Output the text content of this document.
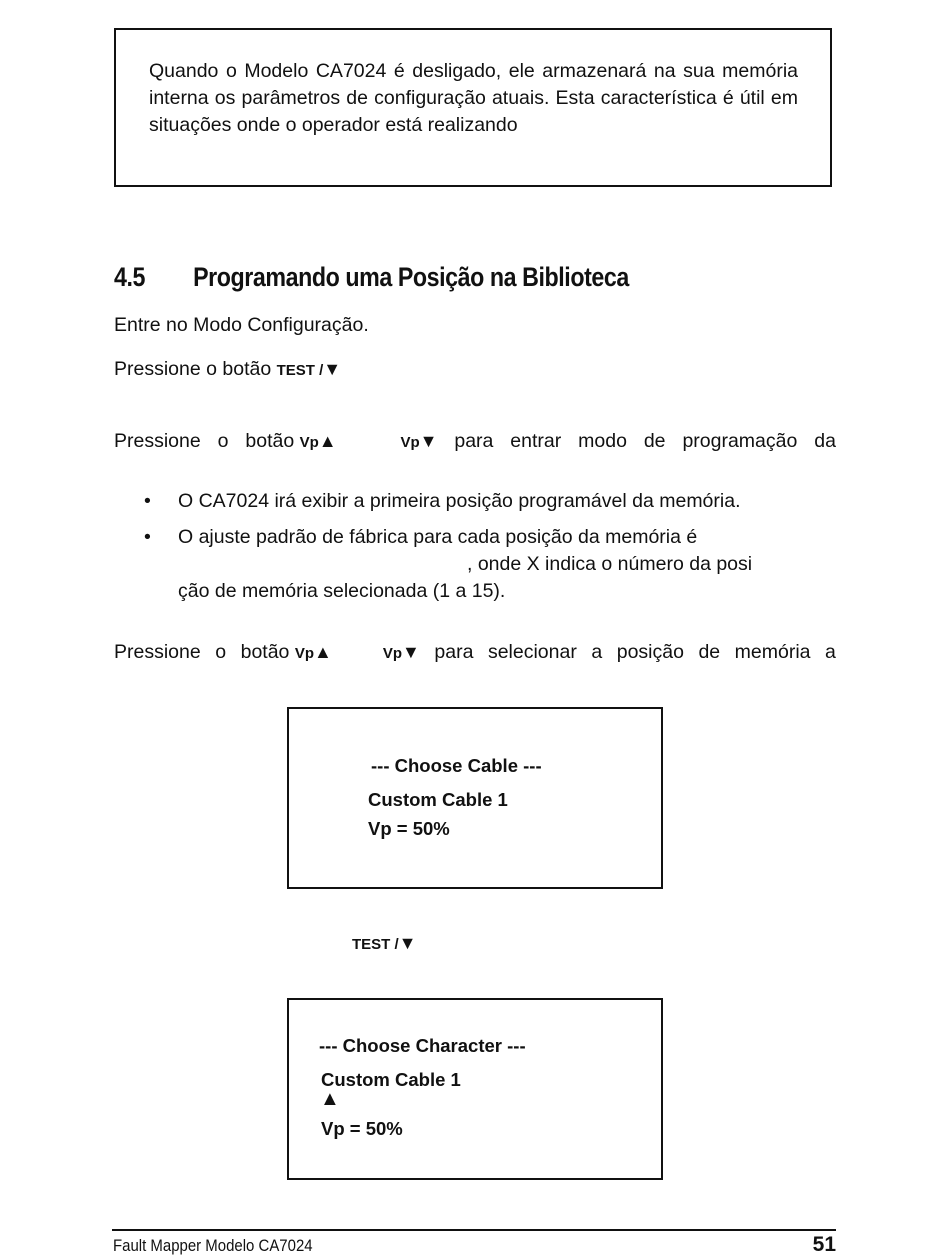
Quando o Modelo CA7024 é desligado, ele armazenará na sua memória interna os parâmetros de configuração atuais. Esta característica é útil em situações onde o operador está realizando
4.5 Programando uma Posição na Biblioteca
Entre no Modo Configuração.
Pressione o botão TEST /▼
Pressione o botão Vp▲	Vp▼ para entrar modo de programação da
• O CA7024 irá exibir a primeira posição programável da memória.
• O ajuste padrão de fábrica para cada posição da memória é
, onde X indica o número da posi
ção de memória selecionada (1 a 15).
Pressione o botão Vp▲	Vp▼ para selecionar a posição de memória a
--- Choose Cable ---
Custom Cable 1
Vp = 50%
TEST /▼
--- Choose Character ---
Custom Cable 1
▲
Vp = 50%
Fault Mapper Modelo CA7024	51
